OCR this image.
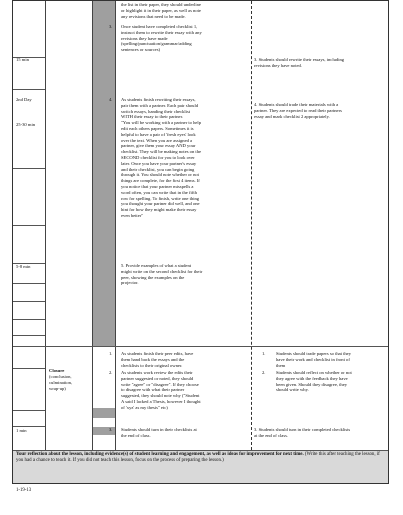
15 min
2nd Day
25-30 min
5-8 min
1 min
the list in their paper, they should underline
or highlight it in their paper, as well as note
any revisions that need to be made.
3. Once student have completed checklist 1,
instruct them to rewrite their essay with any
revisions they have made
(spelling/punctuation/grammar/adding
sentences or sources)
4. As students finish rewriting their essays,
pair them with a partner. Each pair should
switch essays, handing their checklist
WITH their essay to their partner.
"You will be working with a partner to help
edit each others papers. Sometimes it is
helpful to have a pair of 'fresh eyes' look
over the text. When you are assigned a
partner, give them your essay AND your
checklist. They will be making notes on the
SECOND checklist for you to look over
later. Once you have your partner's essay
and their checklist, you can begin going
through it. You should note whether or not
things are complete, for the first 4 items. If
you notice that your partner misspells a
word often, you can write that in the fifth
row for spelling. To finish, write one thing
you thought your partner did well, and one
hint for how they might make their essay
even better"
5. Provide examples of what a student
might write on the second checklist for their
peer, showing the examples on the
projector.
3. Students should rewrite their essays, including
revisions they have noted.
4. Students should trade their materials with a
partner. They are expected to read their partners
essay and mark checklist 2 appropriately.
Closure
(conclusion,
culmination,
wrap-up)
1. As students finish their peer edits, have
them hand back the essays and the
checklists to their original owner.
2. As students work review the edits their
partner suggested or noted, they should
write "agree" or "disagree". If they choose
to disagree with what their partner
suggested, they should note why ("Student
A said I lacked a Thesis, however I thought
of 'xyz' as my thesis" etc)
3. Students should turn in their checklists at
the end of class.
1. Students should trade papers so that they
have their work and checklist in front of
them
2. Students should reflect on whether or not
they agree with the feedback they have
been given. Should they disagree, they
should write why.
3. Students should turn in their completed checklists
at the end of class.
Your reflection about the lesson, including evidence(s) of student learning and engagement, as well as ideas for improvement for next time. (Write this after teaching the lesson, if you had a chance to teach it. If you did not teach this lesson, focus on the process of preparing the lesson.)
1-19-13
